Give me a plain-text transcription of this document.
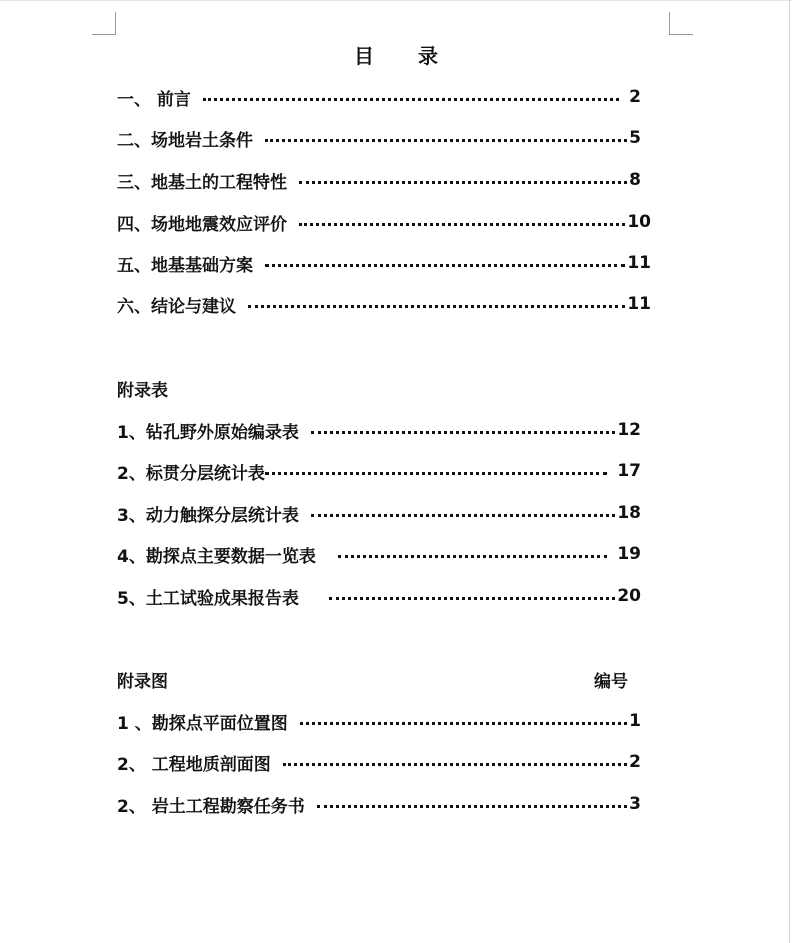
目 录
一、 前言	2
二、场地岩土条件	5
三、地基土的工程特性	8
四、场地地震效应评价	10
五、地基基础方案	11
六、结论与建议	11
附录表
1、钻孔野外原始编录表	12
2、标贯分层统计表	17
3、动力触探分层统计表	18
4、勘探点主要数据一览表	19
5、土工试验成果报告表	20
附录图	编号
1 、勘探点平面位置图	1
2、 工程地质剖面图	2
2、 岩土工程勘察任务书	3
